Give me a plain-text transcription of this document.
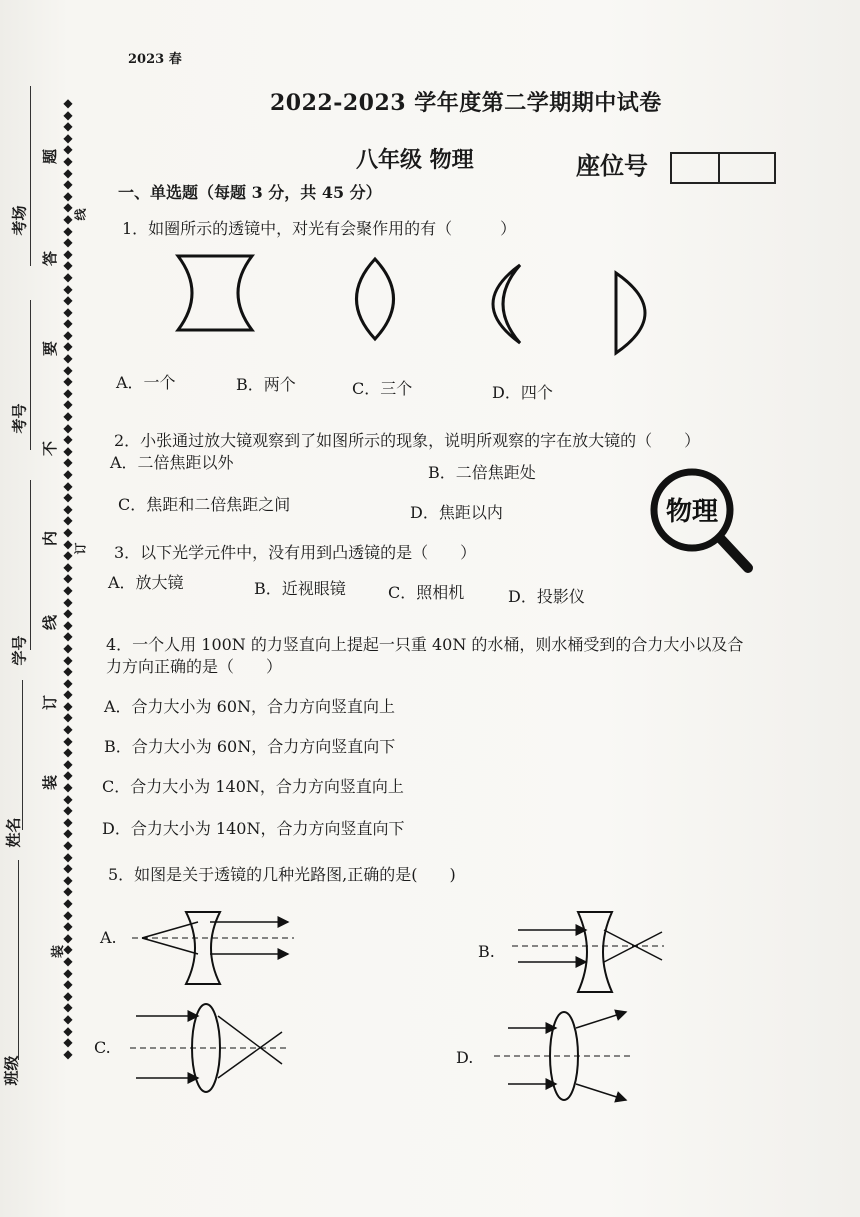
2023 春
2022-2023 学年度第二学期期中试卷
八年级 物理	座位号
考场
考号
学号
姓名
班级
题
线
答
要
不
内
订
线
订
装
装
◆
◆
◆
◆
◆
◆
◆
◆
◆
◆
◆
◆
◆
◆
◆
◆
◆
◆
◆
◆
◆
◆
◆
◆
◆
◆
◆
◆
◆
◆
◆
◆
◆
◆
◆
◆
◆
◆
◆
◆
◆
◆
◆
◆
◆
◆
◆
◆
◆
◆
◆
◆
◆
◆
◆
◆
◆
◆
◆
◆
◆
◆
◆
◆
◆
◆
◆
◆
◆
◆
◆
◆
◆
◆
◆
◆
◆
◆
◆
◆
◆
◆
◆
一、单选题（每题 3 分，共 45 分）
1．如圈所示的透镜中，对光有会聚作用的有（　　　）
A．一个	B．两个	C．三个	D．四个
2．小张通过放大镜观察到了如图所示的现象，说明所观察的字在放大镜的（　　）
A．二倍焦距以外
B．二倍焦距处
C．焦距和二倍焦距之间	D．焦距以内	物理
3．以下光学元件中，没有用到凸透镜的是（　　）
A．放大镜	B．近视眼镜	C．照相机	D．投影仪
4．一个人用 100N 的力竖直向上提起一只重 40N 的水桶，则水桶受到的合力大小以及合
力方向正确的是（　　）
A．合力大小为 60N，合力方向竖直向上
B．合力大小为 60N，合力方向竖直向下
C．合力大小为 140N，合力方向竖直向上
D．合力大小为 140N，合力方向竖直向下
5．如图是关于透镜的几种光路图,正确的是(　　)
A.
B.
C.
D.
